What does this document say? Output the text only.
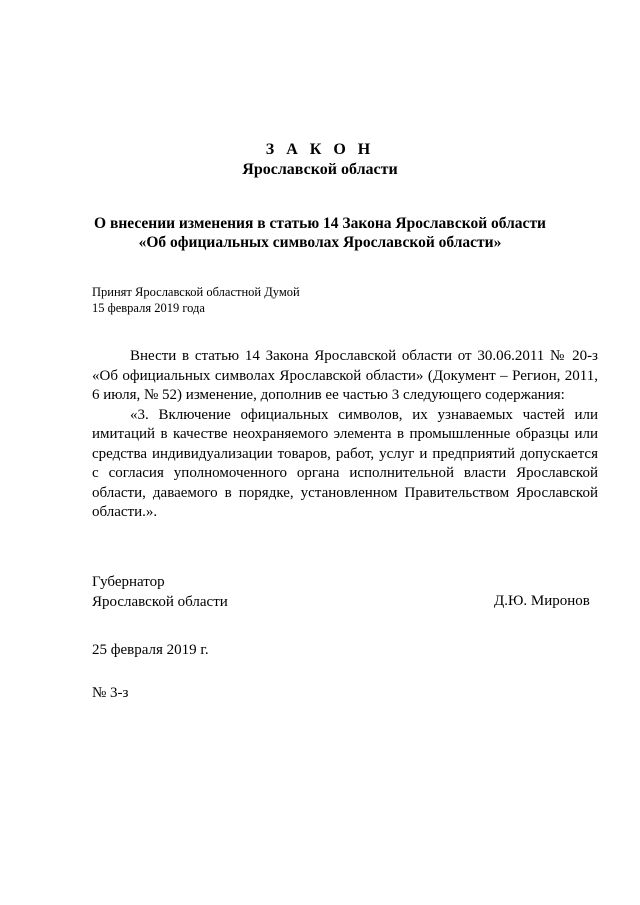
З А К О Н
Ярославской области
О внесении изменения в статью 14 Закона Ярославской области
«Об официальных символах Ярославской области»
Принят Ярославской областной Думой
15 февраля 2019 года

Внести в статью 14 Закона Ярославской области от 30.06.2011 № 20-з «Об официальных символах Ярославской области» (Документ – Регион, 2011, 6 июля, № 52) изменение, дополнив ее частью 3 следующего содержания:

«3. Включение официальных символов, их узнаваемых частей или имитаций в качестве неохраняемого элемента в промышленные образцы или средства индивидуализации товаров, работ, услуг и предприятий допускается с согласия уполномоченного органа исполнительной власти Ярославской области, даваемого в порядке, установленном Правительством Ярославской области.».

Губернатор
Ярославской области	Д.Ю. Миронов
25 февраля 2019 г.
№ 3-з
